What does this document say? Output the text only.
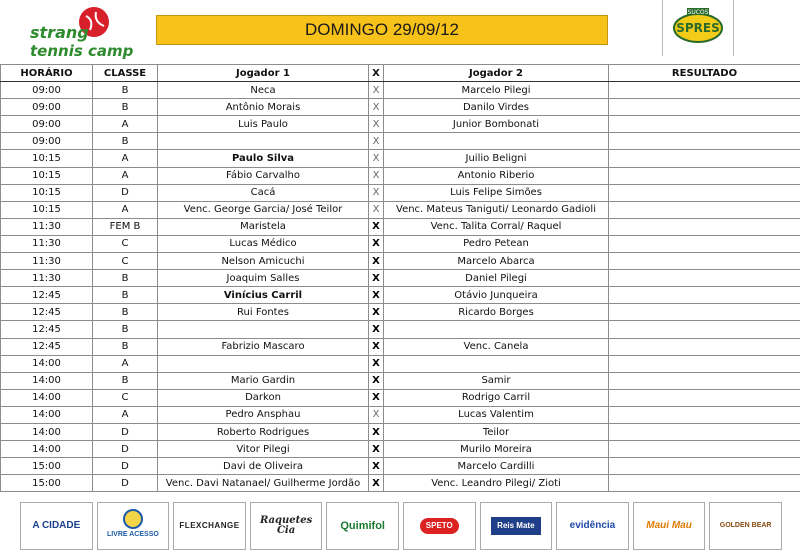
strang
tennis camp
DOMINGO 29/09/12
SUCOS
SPRES
HORÁRIO	CLASSE	Jogador 1	X	Jogador 2	RESULTADO
09:00	B	Neca	X	Marcelo Pilegi	
09:00	B	Antônio Morais	X	Danilo Virdes	
09:00	A	Luis Paulo	X	Junior Bombonati	
09:00	B		X		
10:15	A	Paulo Silva	X	Juilio Beligni	
10:15	A	Fábio Carvalho	X	Antonio Riberio	
10:15	D	Cacá	X	Luis Felipe Simões	
10:15	A	Venc. George Garcia/ José Teilor	X	Venc. Mateus Taniguti/ Leonardo Gadioli	
11:30	FEM B	Maristela	X	Venc. Talita Corral/ Raquel	
11:30	C	Lucas Médico	X	Pedro Petean	
11:30	C	Nelson Amicuchi	X	Marcelo Abarca	
11:30	B	Joaquim Salles	X	Daniel Pilegi	
12:45	B	Vinícius Carril	X	Otávio Junqueira	
12:45	B	Rui Fontes	X	Ricardo Borges	
12:45	B		X		
12:45	B	Fabrizio Mascaro	X	Venc. Canela	
14:00	A		X		
14:00	B	Mario Gardin	X	Samir	
14:00	C	Darkon	X	Rodrigo Carril	
14:00	A	Pedro Ansphau	X	Lucas Valentim	
14:00	D	Roberto Rodrigues	X	Teilor	
14:00	D	Vitor Pilegi	X	Murilo Moreira	
15:00	D	Davi de Oliveira	X	Marcelo Cardilli	
15:00	D	Venc. Davi Natanael/ Guilherme Jordão	X	Venc. Leandro Pilegi/ Zioti	
A CIDADE
LIVRE ACESSO
FLEXCHANGE	Raquetes Cia	Quimifol	SPETO	Reis Mate	evidência	Maui Mau	GOLDEN BEAR
